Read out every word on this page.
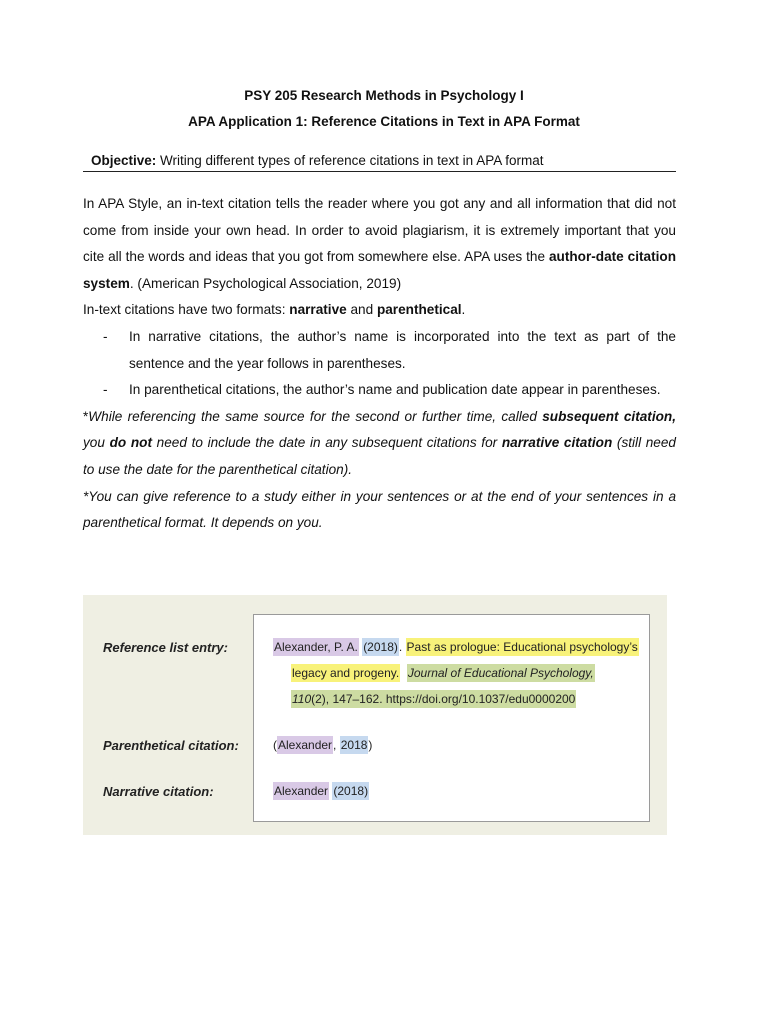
PSY 205 Research Methods in Psychology I
APA Application 1: Reference Citations in Text in APA Format
Objective: Writing different types of reference citations in text in APA format

In APA Style, an in-text citation tells the reader where you got any and all information that did not come from inside your own head. In order to avoid plagiarism, it is extremely important that you cite all the words and ideas that you got from somewhere else. APA uses the author-date citation system. (American Psychological Association, 2019)

In-text citations have two formats: narrative and parenthetical.

- In narrative citations, the author’s name is incorporated into the text as part of the sentence and the year follows in parentheses.
- In parenthetical citations, the author’s name and publication date appear in parentheses.

*While referencing the same source for the second or further time, called subsequent citation, you do not need to include the date in any subsequent citations for narrative citation (still need to use the date for the parenthetical citation).

*You can give reference to a study either in your sentences or at the end of your sentences in a parenthetical format. It depends on you.

Reference list entry:
Parenthetical citation:
Narrative citation:
Alexander, P. A. (2018). Past as prologue: Educational psychology’s
legacy and progeny. Journal of Educational Psychology,
110(2), 147–162. https://doi.org/10.1037/edu0000200
(Alexander, 2018)
Alexander (2018)
